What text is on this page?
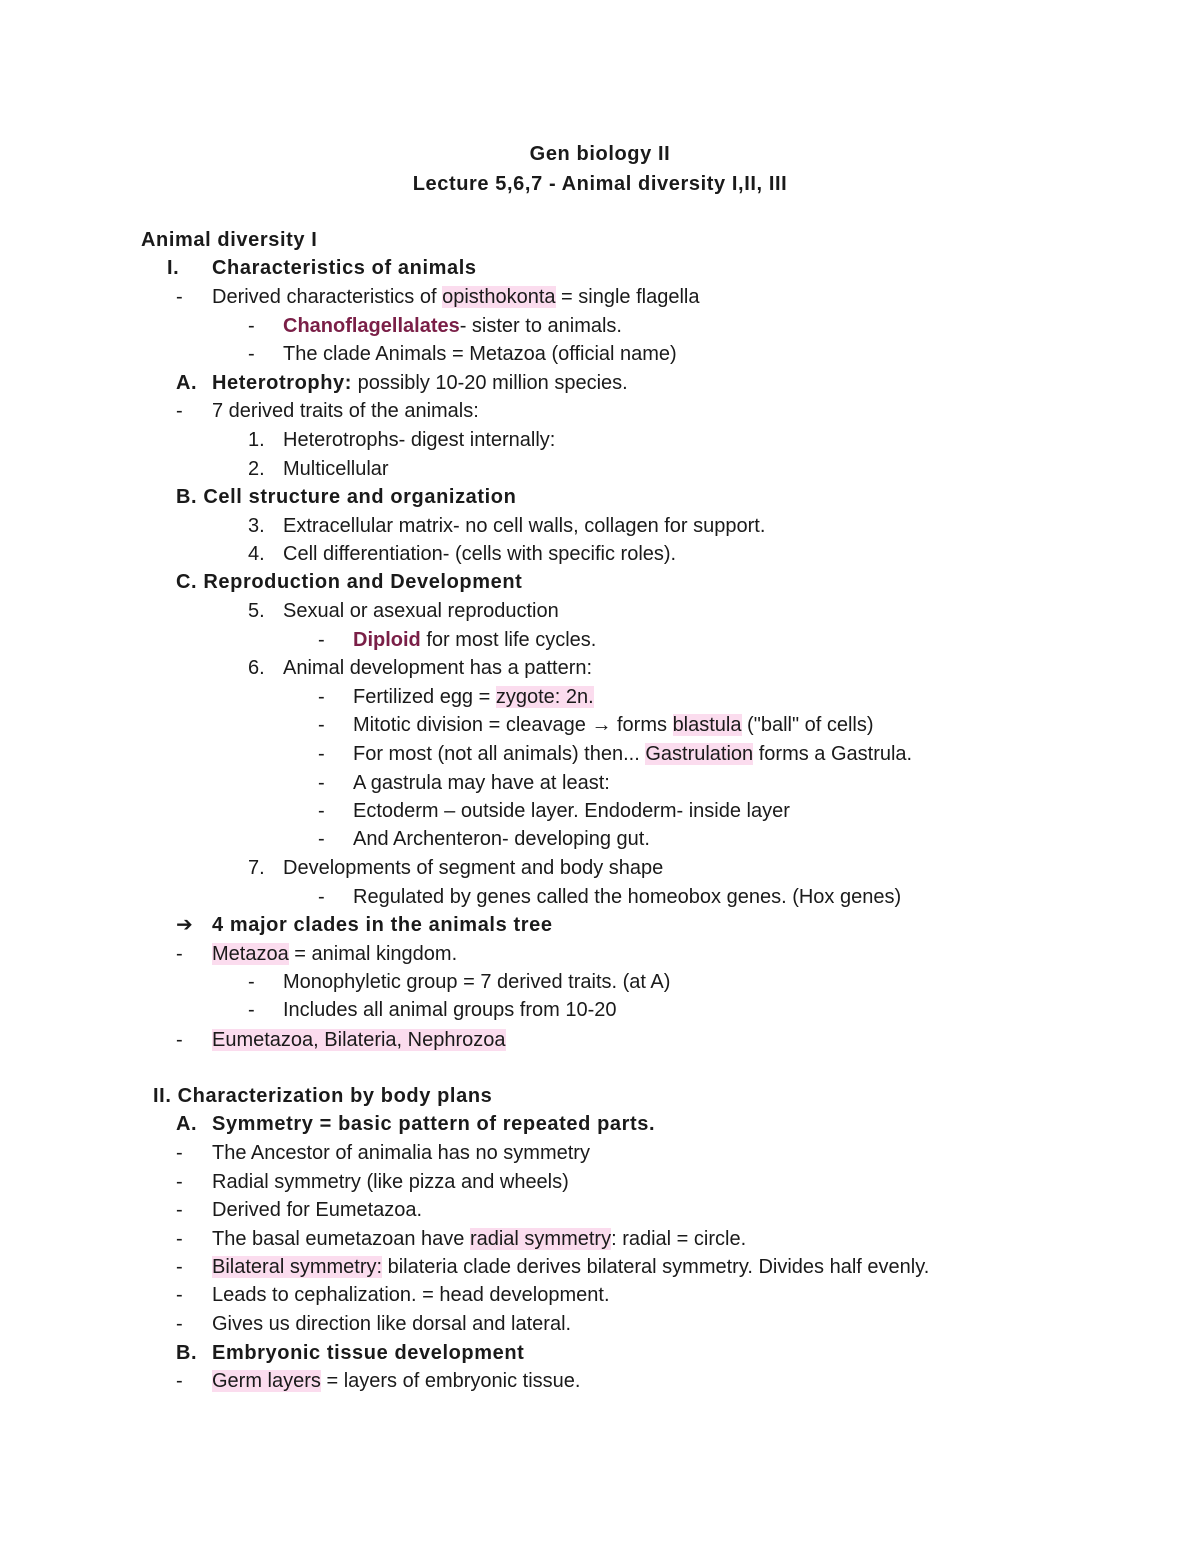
Gen biology II
Lecture 5,6,7 - Animal diversity I,II, III
Animal diversity I
I. Characteristics of animals
- Derived characteristics of opisthokonta = single flagella
- Chanoflagellalates- sister to animals.
- The clade Animals = Metazoa (official name)
A. Heterotrophy: possibly 10-20 million species.
- 7 derived traits of the animals:
1. Heterotrophs- digest internally:
2. Multicellular
B. Cell structure and organization
3. Extracellular matrix- no cell walls, collagen for support.
4. Cell differentiation- (cells with specific roles).
C. Reproduction and Development
5. Sexual or asexual reproduction
- Diploid for most life cycles.
6. Animal development has a pattern:
- Fertilized egg = zygote: 2n.
- Mitotic division = cleavage → forms blastula ("ball" of cells)
- For most (not all animals) then... Gastrulation forms a Gastrula.
- A gastrula may have at least:
- Ectoderm – outside layer. Endoderm- inside layer
- And Archenteron- developing gut.
7. Developments of segment and body shape
- Regulated by genes called the homeobox genes. (Hox genes)
➔ 4 major clades in the animals tree
- Metazoa = animal kingdom.
- Monophyletic group = 7 derived traits. (at A)
- Includes all animal groups from 10-20
- Eumetazoa, Bilateria, Nephrozoa
II. Characterization by body plans
A. Symmetry = basic pattern of repeated parts.
- The Ancestor of animalia has no symmetry
- Radial symmetry (like pizza and wheels)
- Derived for Eumetazoa.
- The basal eumetazoan have radial symmetry: radial = circle.
- Bilateral symmetry: bilateria clade derives bilateral symmetry. Divides half evenly.
- Leads to cephalization. = head development.
- Gives us direction like dorsal and lateral.
B. Embryonic tissue development
- Germ layers = layers of embryonic tissue.
